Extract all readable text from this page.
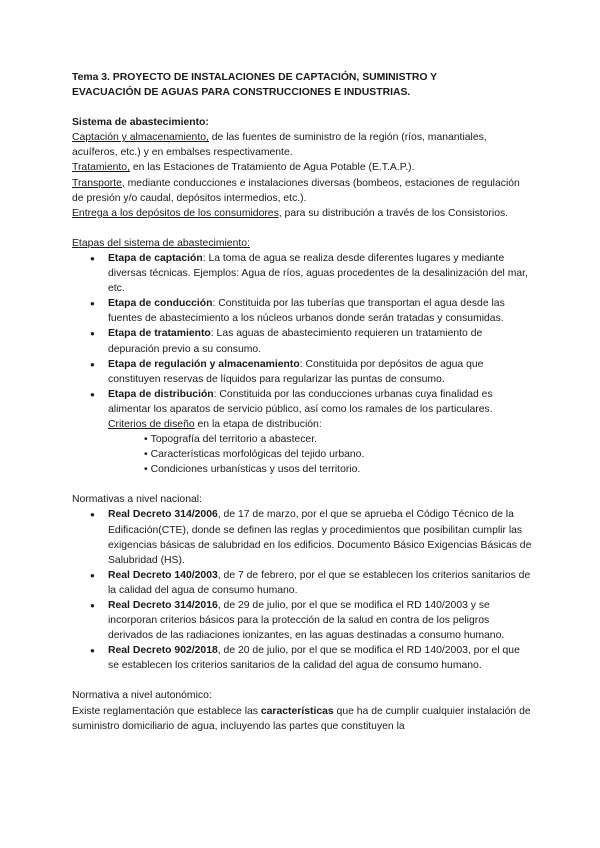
Tema 3. PROYECTO DE INSTALACIONES DE CAPTACIÓN, SUMINISTRO Y
EVACUACIÓN DE AGUAS PARA CONSTRUCCIONES E INDUSTRIAS.

Sistema de abastecimiento:

Captación y almacenamiento, de las fuentes de suministro de la región (ríos, manantiales, acuíferos, etc.) y en embalses respectivamente.

Tratamiento, en las Estaciones de Tratamiento de Agua Potable (E.T.A.P.).

Transporte, mediante conducciones e instalaciones diversas (bombeos, estaciones de regulación de presión y/o caudal, depósitos intermedios, etc.).

Entrega a los depósitos de los consumidores, para su distribución a través de los Consistorios.

Etapas del sistema de abastecimiento:

● Etapa de captación: La toma de agua se realiza desde diferentes lugares y mediante diversas técnicas. Ejemplos: Agua de ríos, aguas procedentes de la desalinización del mar, etc.
● Etapa de conducción: Constituida por las tuberías que transportan el agua desde las fuentes de abastecimiento a los núcleos urbanos donde serán tratadas y consumidas.
● Etapa de tratamiento: Las aguas de abastecimiento requieren un tratamiento de depuración previo a su consumo.
● Etapa de regulación y almacenamiento: Constituida por depósitos de agua que constituyen reservas de líquidos para regularizar las puntas de consumo.
● Etapa de distribución: Constituida por las conducciones urbanas cuya finalidad es alimentar los aparatos de servicio público, así como los ramales de los particulares.

Criterios de diseño en la etapa de distribución:

• Topografía del territorio a abastecer.
• Características morfológicas del tejido urbano.
• Condiciones urbanísticas y usos del territorio.

Normativas a nivel nacional:

● Real Decreto 314/2006, de 17 de marzo, por el que se aprueba el Código Técnico de la Edificación(CTE), donde se definen las reglas y procedimientos que posibilitan cumplir las exigencias básicas de salubridad en los edificios. Documento Básico Exigencias Básicas de Salubridad (HS).
● Real Decreto 140/2003, de 7 de febrero, por el que se establecen los criterios sanitarios de la calidad del agua de consumo humano.
● Real Decreto 314/2016, de 29 de julio, por el que se modifica el RD 140/2003 y se incorporan criterios básicos para la protección de la salud en contra de los peligros derivados de las radiaciones ionizantes, en las aguas destinadas a consumo humano.
● Real Decreto 902/2018, de 20 de julio, por el que se modifica el RD 140/2003, por el que se establecen los criterios sanitarios de la calidad del agua de consumo humano.

Normativa a nivel autonómico:

Existe reglamentación que establece las características que ha de cumplir cualquier instalación de suministro domiciliario de agua, incluyendo las partes que constituyen la
